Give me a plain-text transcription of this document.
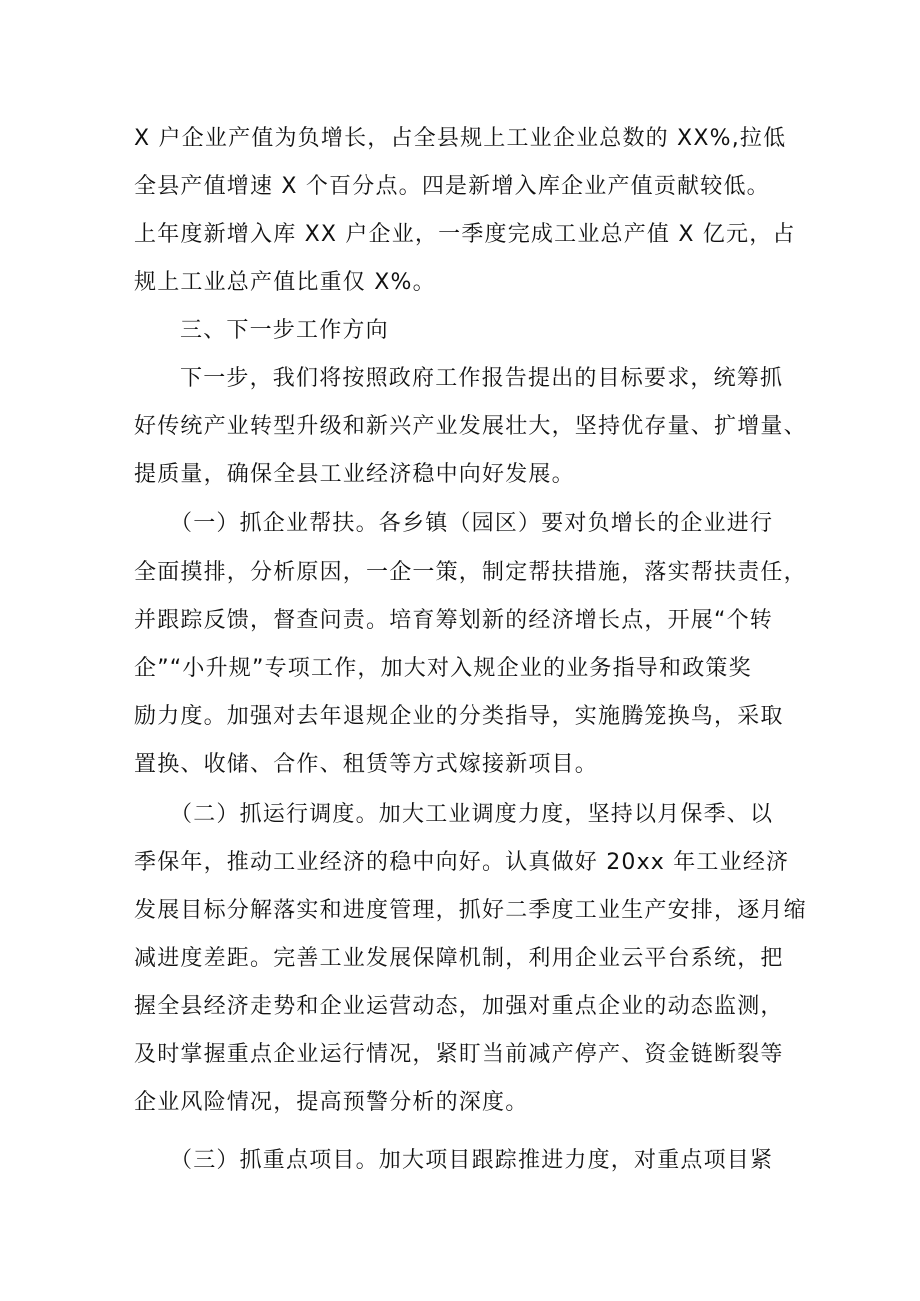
X 户企业产值为负增长，占全县规上工业企业总数的 XX%,拉低
全县产值增速 X 个百分点。四是新增入库企业产值贡献较低。
上年度新增入库 XX 户企业，一季度完成工业总产值 X 亿元，占
规上工业总产值比重仅 X%。
三、下一步工作方向
下一步，我们将按照政府工作报告提出的目标要求，统筹抓
好传统产业转型升级和新兴产业发展壮大，坚持优存量、扩增量、
提质量，确保全县工业经济稳中向好发展。
（一）抓企业帮扶。各乡镇（园区）要对负增长的企业进行
全面摸排，分析原因，一企一策，制定帮扶措施，落实帮扶责任，
并跟踪反馈，督查问责。培育筹划新的经济增长点，开展“个转
企”“小升规”专项工作，加大对入规企业的业务指导和政策奖
励力度。加强对去年退规企业的分类指导，实施腾笼换鸟，采取
置换、收储、合作、租赁等方式嫁接新项目。
（二）抓运行调度。加大工业调度力度，坚持以月保季、以
季保年，推动工业经济的稳中向好。认真做好 20xx 年工业经济
发展目标分解落实和进度管理，抓好二季度工业生产安排，逐月缩
减进度差距。完善工业发展保障机制，利用企业云平台系统，把
握全县经济走势和企业运营动态，加强对重点企业的动态监测，
及时掌握重点企业运行情况，紧盯当前减产停产、资金链断裂等
企业风险情况，提高预警分析的深度。
（三）抓重点项目。加大项目跟踪推进力度，对重点项目紧
